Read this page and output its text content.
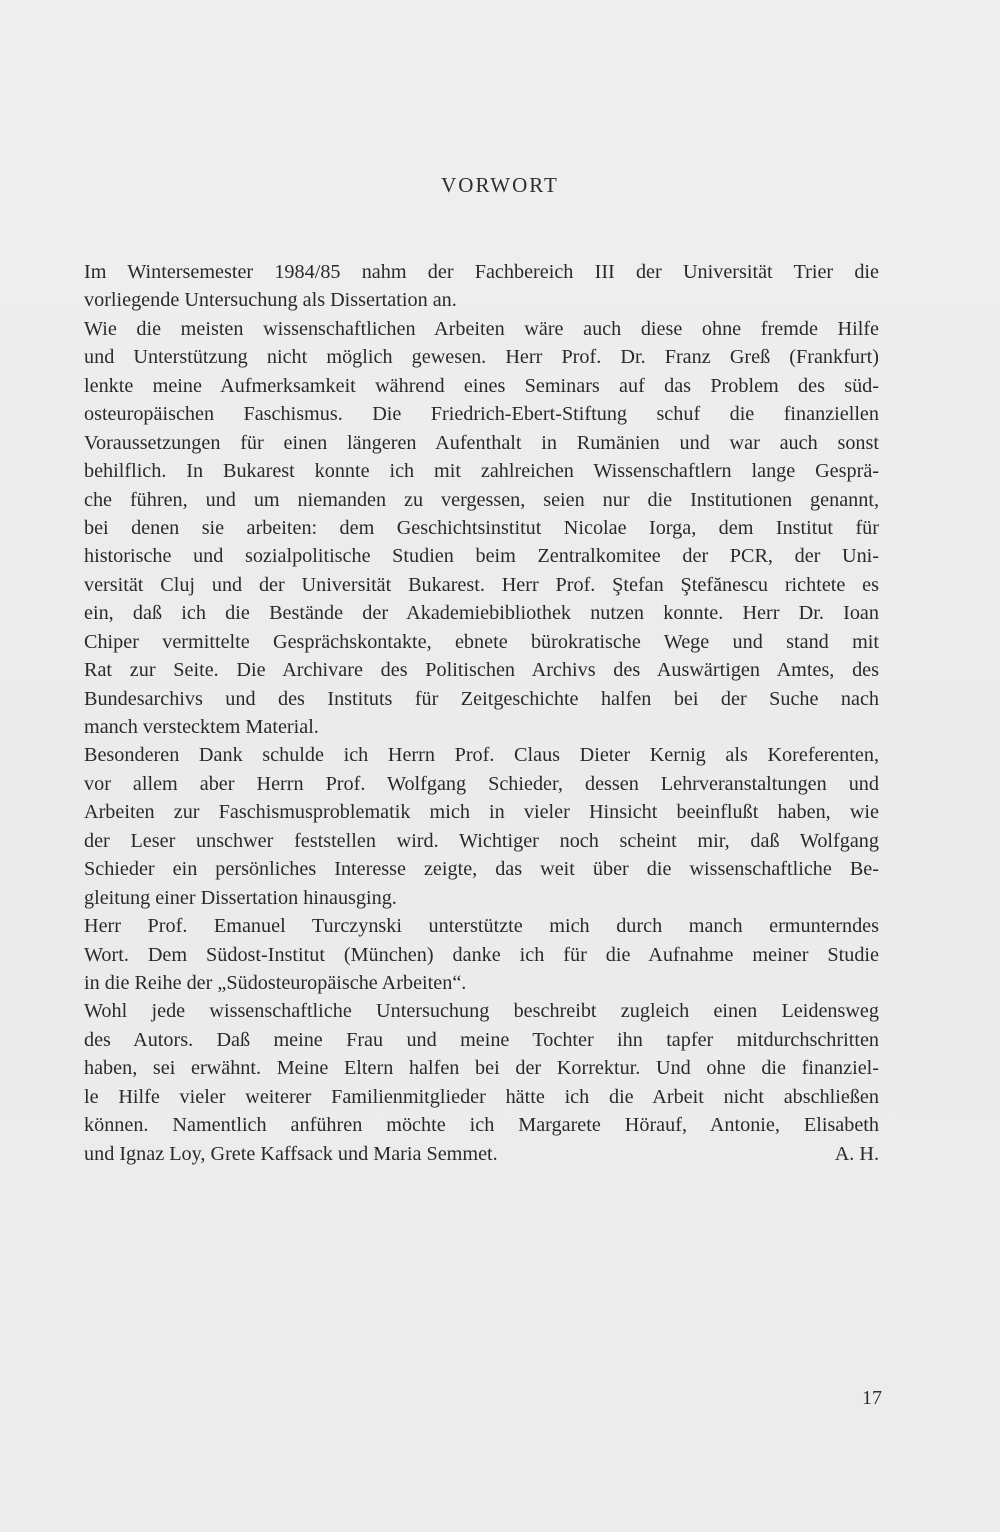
VORWORT
Im Wintersemester 1984/85 nahm der Fachbereich III der Universität Trier die
vorliegende Untersuchung als Dissertation an.
Wie die meisten wissenschaftlichen Arbeiten wäre auch diese ohne fremde Hilfe
und Unterstützung nicht möglich gewesen. Herr Prof. Dr. Franz Greß (Frankfurt)
lenkte meine Aufmerksamkeit während eines Seminars auf das Problem des süd-
osteuropäischen Faschismus. Die Friedrich-Ebert-Stiftung schuf die finanziellen
Voraussetzungen für einen längeren Aufenthalt in Rumänien und war auch sonst
behilflich. In Bukarest konnte ich mit zahlreichen Wissenschaftlern lange Gesprä-
che führen, und um niemanden zu vergessen, seien nur die Institutionen genannt,
bei denen sie arbeiten: dem Geschichtsinstitut Nicolae Iorga, dem Institut für
historische und sozialpolitische Studien beim Zentralkomitee der PCR, der Uni-
versität Cluj und der Universität Bukarest. Herr Prof. Ştefan Ştefănescu richtete es
ein, daß ich die Bestände der Akademiebibliothek nutzen konnte. Herr Dr. Ioan
Chiper vermittelte Gesprächskontakte, ebnete bürokratische Wege und stand mit
Rat zur Seite. Die Archivare des Politischen Archivs des Auswärtigen Amtes, des
Bundesarchivs und des Instituts für Zeitgeschichte halfen bei der Suche nach
manch verstecktem Material.
Besonderen Dank schulde ich Herrn Prof. Claus Dieter Kernig als Koreferenten,
vor allem aber Herrn Prof. Wolfgang Schieder, dessen Lehrveranstaltungen und
Arbeiten zur Faschismusproblematik mich in vieler Hinsicht beeinflußt haben, wie
der Leser unschwer feststellen wird. Wichtiger noch scheint mir, daß Wolfgang
Schieder ein persönliches Interesse zeigte, das weit über die wissenschaftliche Be-
gleitung einer Dissertation hinausging.
Herr Prof. Emanuel Turczynski unterstützte mich durch manch ermunterndes
Wort. Dem Südost-Institut (München) danke ich für die Aufnahme meiner Studie
in die Reihe der „Südosteuropäische Arbeiten“.
Wohl jede wissenschaftliche Untersuchung beschreibt zugleich einen Leidensweg
des Autors. Daß meine Frau und meine Tochter ihn tapfer mitdurchschritten
haben, sei erwähnt. Meine Eltern halfen bei der Korrektur. Und ohne die finanziel-
le Hilfe vieler weiterer Familienmitglieder hätte ich die Arbeit nicht abschließen
können. Namentlich anführen möchte ich Margarete Hörauf, Antonie, Elisabeth
und Ignaz Loy, Grete Kaffsack und Maria Semmet.	A. H.
17
